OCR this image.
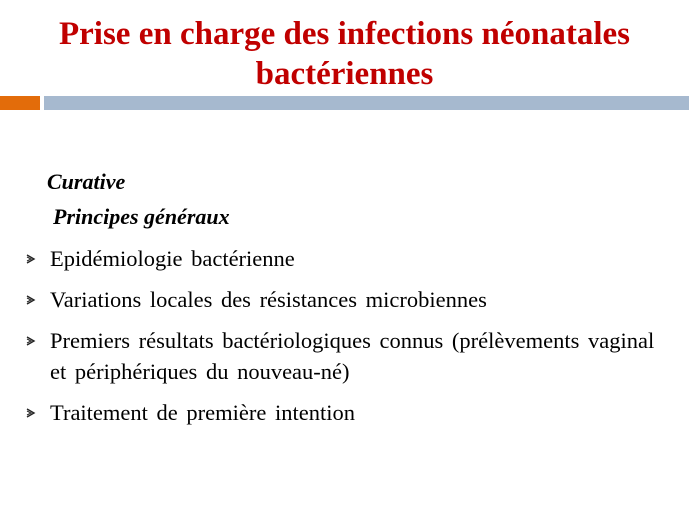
Prise en charge des infections néonatales
bactériennes
Curative
Principes généraux
Epidémiologie bactérienne
Variations locales des résistances microbiennes
Premiers résultats bactériologiques connus (prélèvements vaginal et périphériques du nouveau-né)
Traitement de première intention
